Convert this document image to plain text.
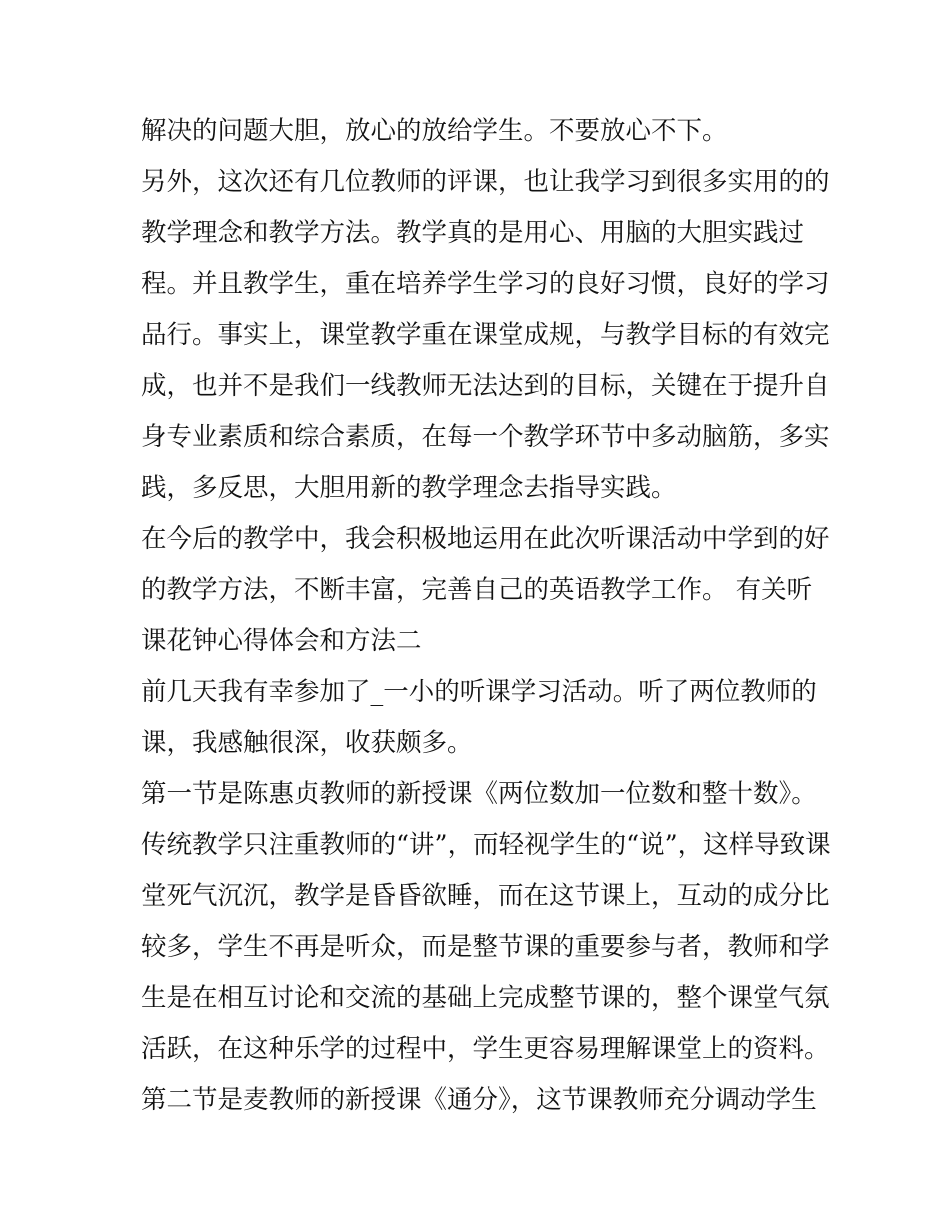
解决的问题大胆，放心的放给学生。不要放心不下。
另外，这次还有几位教师的评课，也让我学习到很多实用的的
教学理念和教学方法。教学真的是用心、用脑的大胆实践过
程。并且教学生，重在培养学生学习的良好习惯，良好的学习
品行。事实上，课堂教学重在课堂成规，与教学目标的有效完
成，也并不是我们一线教师无法达到的目标，关键在于提升自
身专业素质和综合素质，在每一个教学环节中多动脑筋，多实
践，多反思，大胆用新的教学理念去指导实践。
在今后的教学中，我会积极地运用在此次听课活动中学到的好
的教学方法，不断丰富，完善自己的英语教学工作。 有关听
课花钟心得体会和方法二
前几天我有幸参加了_一小的听课学习活动。听了两位教师的
课，我感触很深，收获颇多。
第一节是陈惠贞教师的新授课《两位数加一位数和整十数》。
传统教学只注重教师的“讲”，而轻视学生的“说”，这样导致课
堂死气沉沉，教学是昏昏欲睡，而在这节课上，互动的成分比
较多，学生不再是听众，而是整节课的重要参与者，教师和学
生是在相互讨论和交流的基础上完成整节课的，整个课堂气氛
活跃，在这种乐学的过程中，学生更容易理解课堂上的资料。
第二节是麦教师的新授课《通分》，这节课教师充分调动学生
